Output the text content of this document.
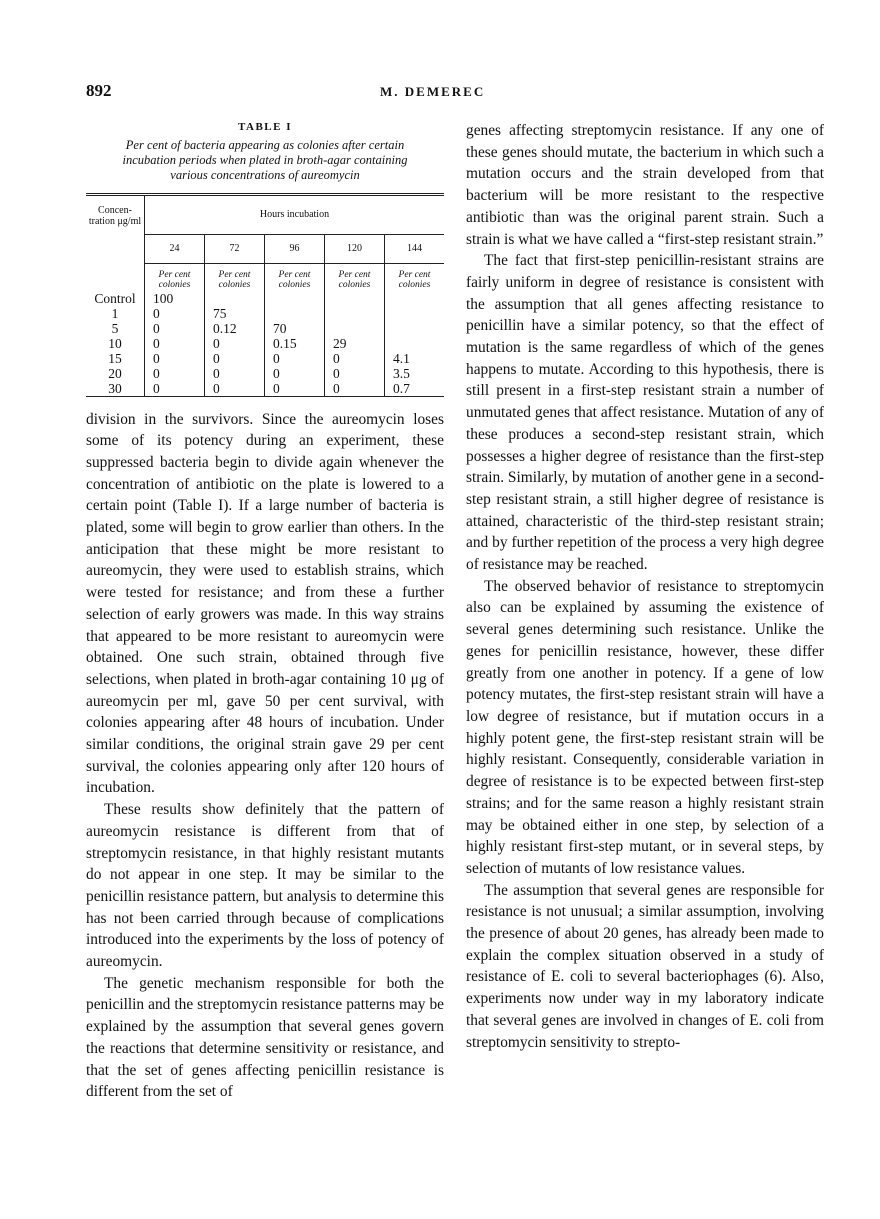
892	M. DEMEREC
TABLE I
Per cent of bacteria appearing as colonies after certain incubation periods when plated in broth-agar containing various concentrations of aureomycin
Concen- tration μg/ml	Hours incubation				
	24	72	96	120	144
	Per cent colonies	Per cent colonies	Per cent colonies	Per cent colonies	Per cent colonies
Control	100				
1	0	75			
5	0	0.12	70		
10	0	0	0.15	29	
15	0	0	0	0	4.1
20	0	0	0	0	3.5
30	0	0	0	0	0.7

division in the survivors. Since the aureomycin loses some of its potency during an experiment, these suppressed bacteria begin to divide again whenever the concentration of antibiotic on the plate is lowered to a certain point (Table I). If a large number of bacteria is plated, some will begin to grow earlier than others. In the anticipation that these might be more resistant to aureomycin, they were used to establish strains, which were tested for resistance; and from these a further selection of early growers was made. In this way strains that appeared to be more resistant to aureomycin were obtained. One such strain, obtained through five selections, when plated in broth-agar containing 10 μg of aureomycin per ml, gave 50 per cent survival, with colonies appearing after 48 hours of incubation. Under similar conditions, the original strain gave 29 per cent survival, the colonies appearing only after 120 hours of incubation.

These results show definitely that the pattern of aureomycin resistance is different from that of streptomycin resistance, in that highly resistant mutants do not appear in one step. It may be similar to the penicillin resistance pattern, but analysis to determine this has not been carried through because of complications introduced into the experiments by the loss of potency of aureomycin.

The genetic mechanism responsible for both the penicillin and the streptomycin resistance patterns may be explained by the assumption that several genes govern the reactions that determine sensitivity or resistance, and that the set of genes affecting penicillin resistance is different from the set of

genes affecting streptomycin resistance. If any one of these genes should mutate, the bacterium in which such a mutation occurs and the strain developed from that bacterium will be more resistant to the respective antibiotic than was the original parent strain. Such a strain is what we have called a “first-step resistant strain.”

The fact that first-step penicillin-resistant strains are fairly uniform in degree of resistance is consistent with the assumption that all genes affecting resistance to penicillin have a similar potency, so that the effect of mutation is the same regardless of which of the genes happens to mutate. According to this hypothesis, there is still present in a first-step resistant strain a number of unmutated genes that affect resistance. Mutation of any of these produces a second-step resistant strain, which possesses a higher degree of resistance than the first-step strain. Similarly, by mutation of another gene in a second-step resistant strain, a still higher degree of resistance is attained, characteristic of the third-step resistant strain; and by further repetition of the process a very high degree of resistance may be reached.

The observed behavior of resistance to streptomycin also can be explained by assuming the existence of several genes determining such resistance. Unlike the genes for penicillin resistance, however, these differ greatly from one another in potency. If a gene of low potency mutates, the first-step resistant strain will have a low degree of resistance, but if mutation occurs in a highly potent gene, the first-step resistant strain will be highly resistant. Consequently, considerable variation in degree of resistance is to be expected between first-step strains; and for the same reason a highly resistant strain may be obtained either in one step, by selection of a highly resistant first-step mutant, or in several steps, by selection of mutants of low resistance values.

The assumption that several genes are responsible for resistance is not unusual; a similar assumption, involving the presence of about 20 genes, has already been made to explain the complex situation observed in a study of resistance of E. coli to several bacteriophages (6). Also, experiments now under way in my laboratory indicate that several genes are involved in changes of E. coli from streptomycin sensitivity to strepto-
